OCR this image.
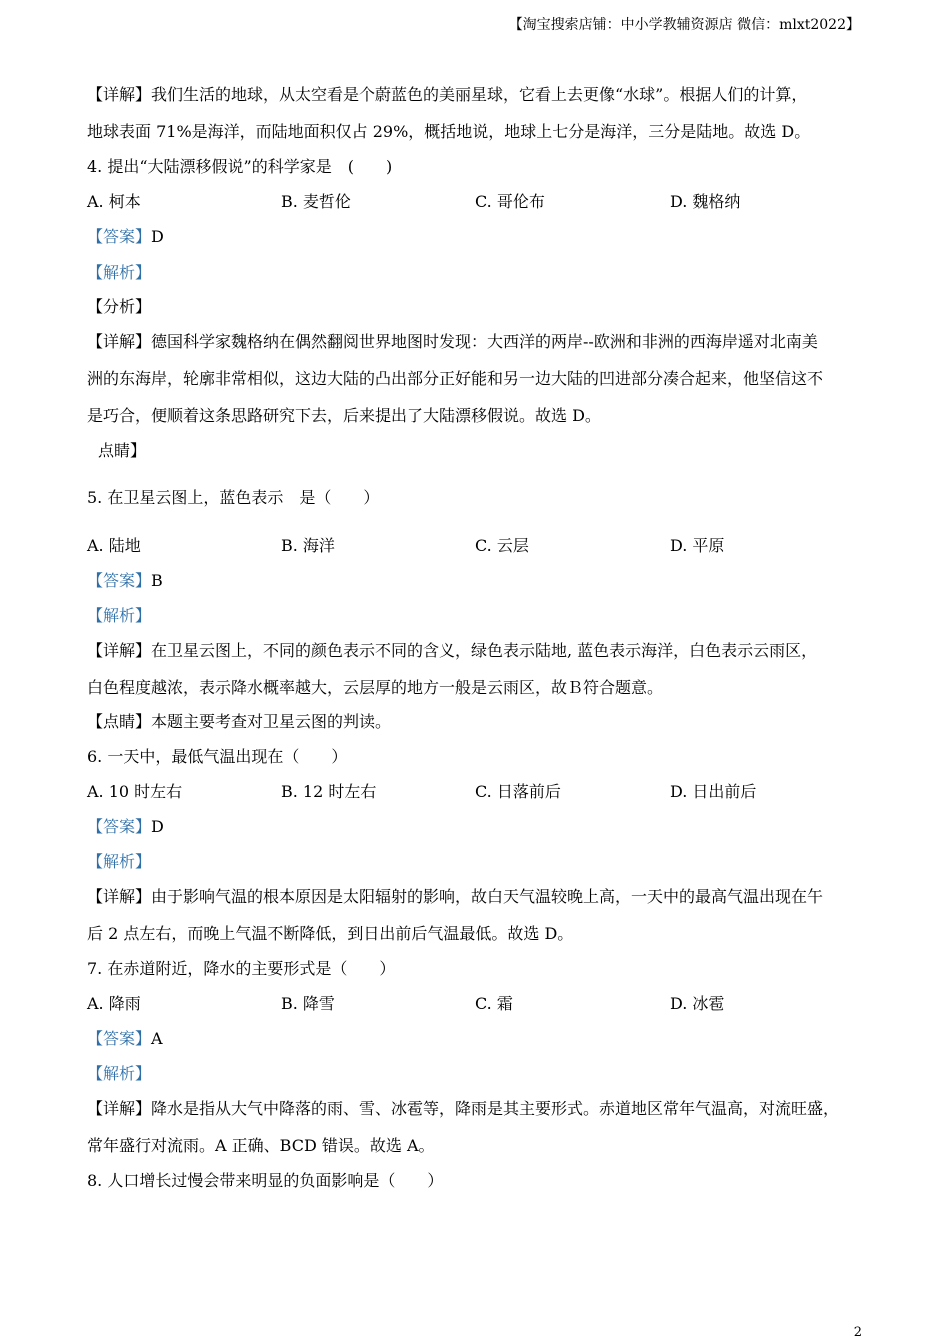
【淘宝搜索店铺：中小学教辅资源店 微信：mlxt2022】
【详解】我们生活的地球，从太空看是个蔚蓝色的美丽星球，它看上去更像“水球”。根据人们的计算，
地球表面 71%是海洋，而陆地面积仅占 29%，概括地说，地球上七分是海洋，三分是陆地。故选 D。
4. 提出“大陆漂移假说”的科学家是　(　　)
A. 柯本	B. 麦哲伦	C. 哥伦布	D. 魏格纳
【答案】D
【解析】
【分析】
【详解】德国科学家魏格纳在偶然翻阅世界地图时发现：大西洋的两岸--欧洲和非洲的西海岸遥对北南美
洲的东海岸，轮廓非常相似，这边大陆的凸出部分正好能和另一边大陆的凹进部分凑合起来，他坚信这不
是巧合，便顺着这条思路研究下去，后来提出了大陆漂移假说。故选 D。
点睛】
5. 在卫星云图上，蓝色表示　是（　　）
A. 陆地	B. 海洋	C. 云层	D. 平原
【答案】B
【解析】
【详解】在卫星云图上，不同的颜色表示不同的含义，绿色表示陆地, 蓝色表示海洋，白色表示云雨区，
白色程度越浓，表示降水概率越大，云层厚的地方一般是云雨区，故Ｂ符合题意。
【点睛】本题主要考查对卫星云图的判读。
6. 一天中，最低气温出现在（　　）
A. 10 时左右	B. 12 时左右	C. 日落前后	D. 日出前后
【答案】D
【解析】
【详解】由于影响气温的根本原因是太阳辐射的影响，故白天气温较晚上高，一天中的最高气温出现在午
后 2 点左右，而晚上气温不断降低，到日出前后气温最低。故选 D。
7. 在赤道附近，降水的主要形式是（　　）
A. 降雨	B. 降雪	C. 霜	D. 冰雹
【答案】A
【解析】
【详解】降水是指从大气中降落的雨、雪、冰雹等，降雨是其主要形式。赤道地区常年气温高，对流旺盛，
常年盛行对流雨。A 正确、BCD 错误。故选 A。
8. 人口增长过慢会带来明显的负面影响是（　　）
2
